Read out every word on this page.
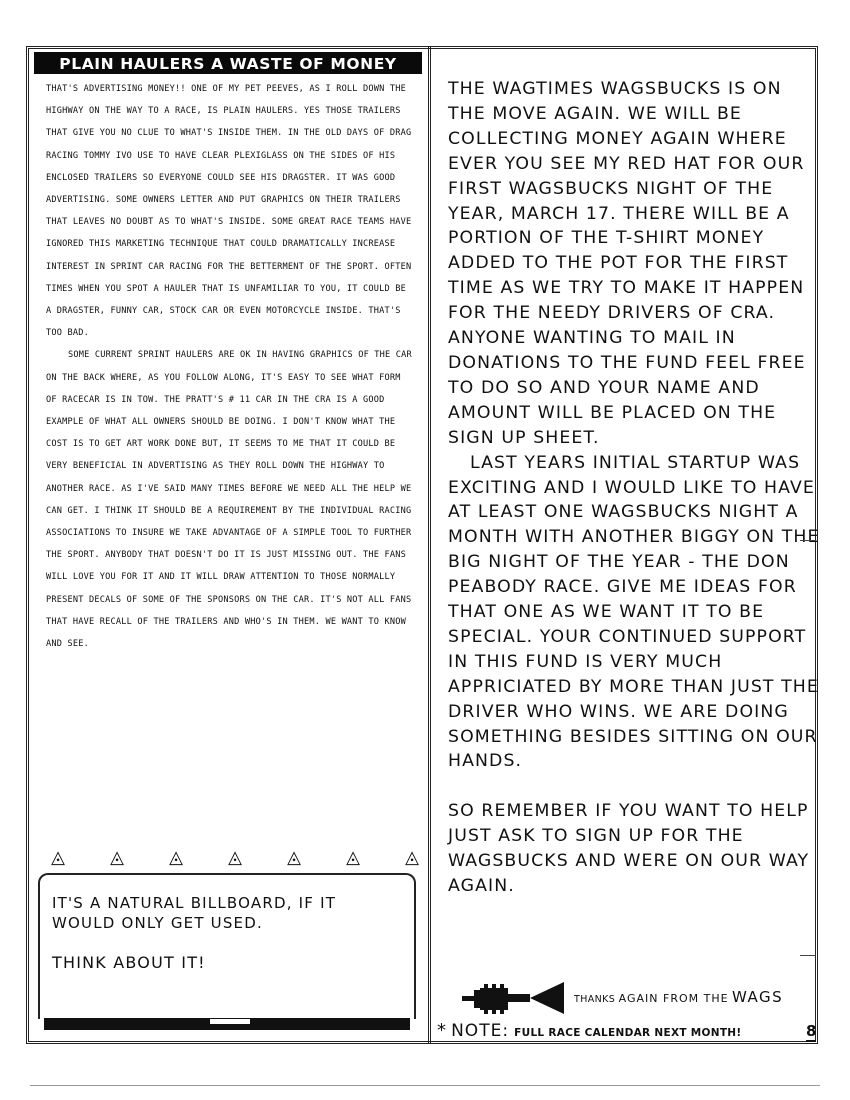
PLAIN HAULERS A WASTE OF MONEY

THAT'S ADVERTISING MONEY!! ONE OF MY PET PEEVES, AS I ROLL DOWN THE HIGHWAY ON THE WAY TO A RACE, IS PLAIN HAULERS. YES THOSE TRAILERS THAT GIVE YOU NO CLUE TO WHAT'S INSIDE THEM. IN THE OLD DAYS OF DRAG RACING TOMMY IVO USE TO HAVE CLEAR PLEXIGLASS ON THE SIDES OF HIS ENCLOSED TRAILERS SO EVERYONE COULD SEE HIS DRAGSTER. IT WAS GOOD ADVERTISING. SOME OWNERS LETTER AND PUT GRAPHICS ON THEIR TRAILERS THAT LEAVES NO DOUBT AS TO WHAT'S INSIDE. SOME GREAT RACE TEAMS HAVE IGNORED THIS MARKETING TECHNIQUE THAT COULD DRAMATICALLY INCREASE INTEREST IN SPRINT CAR RACING FOR THE BETTERMENT OF THE SPORT. OFTEN TIMES WHEN YOU SPOT A HAULER THAT IS UNFAMILIAR TO YOU, IT COULD BE A DRAGSTER, FUNNY CAR, STOCK CAR OR EVEN MOTORCYCLE INSIDE. THAT'S TOO BAD.

SOME CURRENT SPRINT HAULERS ARE OK IN HAVING GRAPHICS OF THE CAR ON THE BACK WHERE, AS YOU FOLLOW ALONG, IT'S EASY TO SEE WHAT FORM OF RACECAR IS IN TOW. THE PRATT'S # 11 CAR IN THE CRA IS A GOOD EXAMPLE OF WHAT ALL OWNERS SHOULD BE DOING. I DON'T KNOW WHAT THE COST IS TO GET ART WORK DONE BUT, IT SEEMS TO ME THAT IT COULD BE VERY BENEFICIAL IN ADVERTISING AS THEY ROLL DOWN THE HIGHWAY TO ANOTHER RACE. AS I'VE SAID MANY TIMES BEFORE WE NEED ALL THE HELP WE CAN GET. I THINK IT SHOULD BE A REQUIREMENT BY THE INDIVIDUAL RACING ASSOCIATIONS TO INSURE WE TAKE ADVANTAGE OF A SIMPLE TOOL TO FURTHER THE SPORT. ANYBODY THAT DOESN'T DO IT IS JUST MISSING OUT. THE FANS WILL LOVE YOU FOR IT AND IT WILL DRAW ATTENTION TO THOSE NORMALLY PRESENT DECALS OF SOME OF THE SPONSORS ON THE CAR. IT'S NOT ALL FANS THAT HAVE RECALL OF THE TRAILERS AND WHO'S IN THEM. WE WANT TO KNOW AND SEE.

◬	◬	◬	◬	◬	◬	◬
IT'S A NATURAL BILLBOARD, IF IT WOULD ONLY GET USED.
THINK ABOUT IT!

THE WAGTIMES WAGSBUCKS IS ON THE MOVE AGAIN. WE WILL BE COLLECTING MONEY AGAIN WHERE EVER YOU SEE MY RED HAT FOR OUR FIRST WAGSBUCKS NIGHT OF THE YEAR, MARCH 17. THERE WILL BE A PORTION OF THE T-SHIRT MONEY ADDED TO THE POT FOR THE FIRST TIME AS WE TRY TO MAKE IT HAPPEN FOR THE NEEDY DRIVERS OF CRA. ANYONE WANTING TO MAIL IN DONATIONS TO THE FUND FEEL FREE TO DO SO AND YOUR NAME AND AMOUNT WILL BE PLACED ON THE SIGN UP SHEET.

LAST YEARS INITIAL STARTUP WAS EXCITING AND I WOULD LIKE TO HAVE AT LEAST ONE WAGSBUCKS NIGHT A MONTH WITH ANOTHER BIGGY ON THE BIG NIGHT OF THE YEAR - THE DON PEABODY RACE. GIVE ME IDEAS FOR THAT ONE AS WE WANT IT TO BE SPECIAL. YOUR CONTINUED SUPPORT IN THIS FUND IS VERY MUCH APPRICIATED BY MORE THAN JUST THE DRIVER WHO WINS. WE ARE DOING SOMETHING BESIDES SITTING ON OUR HANDS.

SO REMEMBER IF YOU WANT TO HELP JUST ASK TO SIGN UP FOR THE WAGSBUCKS AND WERE ON OUR WAY AGAIN.

THANKS AGAIN FROM THE WAGS
* NOTE: FULL RACE CALENDAR NEXT MONTH!	8
